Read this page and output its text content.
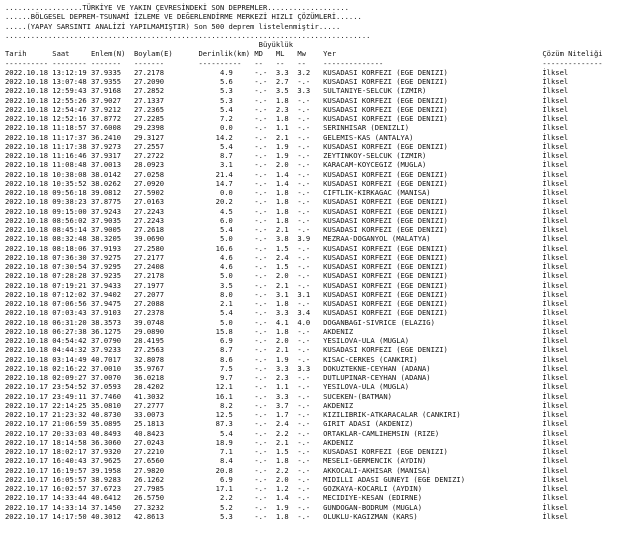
..................TÜRKİYE VE YAKIN ÇEVRESİNDEKİ SON DEPREMLER...................
......BÖLGESEL DEPREM-TSUNAMİ İZLEME VE DEĞERLENDİRME MERKEZİ HIZLI ÇÖZÜMLERİ......
.....(YAPAY SARSINTI ANALİZİ YAPILMAMIŞTIR) Son 500 deprem listelenmiştir.....
.....................................................................................
Büyüklük
Tarih      Saat     Enlem(N)  Boylam(E)      Derinlik(km) MD   ML   Mw    Yer                                                Çözüm Niteliği
---------- -------- -------   -------        ----------   --   --   --    --------------                                     --------------
2022.10.18 13:12:19 37.9335   27.2178             4.9     -.-  3.3  3.2   KUSADASI KORFEZI (EGE DENIZI)                      İlksel
2022.10.18 13:07:48 37.9355   27.2090             5.6     -.-  2.7  -.-   KUSADASI KORFEZI (EGE DENIZI)                      İlksel
2022.10.18 12:59:43 37.9168   27.2852             5.3     -.-  3.5  3.3   SULTANIYE-SELCUK (IZMIR)                           İlksel
2022.10.18 12:55:26 37.9027   27.1337             5.3     -.-  1.8  -.-   KUSADASI KORFEZI (EGE DENIZI)                      İlksel
2022.10.18 12:54:47 37.9212   27.2365             5.4     -.-  2.3  -.-   KUSADASI KORFEZI (EGE DENIZI)                      İlksel
2022.10.18 12:52:16 37.8772   27.2285             7.2     -.-  1.8  -.-   KUSADASI KORFEZI (EGE DENIZI)                      İlksel
2022.10.18 11:18:57 37.6008   29.2398             0.0     -.-  1.1  -.-   SERINHISAR (DENIZLI)                               İlksel
2022.10.18 11:17:37 36.2410   29.3127            14.2     -.-  2.1  -.-   GELEMIS-KAS (ANTALYA)                              İlksel
2022.10.18 11:17:38 37.9273   27.2557             5.4     -.-  1.9  -.-   KUSADASI KORFEZI (EGE DENIZI)                      İlksel
2022.10.18 11:16:46 37.9317   27.2722             8.7     -.-  1.9  -.-   ZEYTINKOY-SELCUK (IZMIR)                           İlksel
2022.10.18 11:08:48 37.0013   28.0923             3.1     -.-  2.0  -.-   KARACAM-KOYCEGIZ (MUGLA)                           İlksel
2022.10.18 10:38:08 38.0142   27.0258            21.4     -.-  1.4  -.-   KUSADASI KORFEZI (EGE DENIZI)                      İlksel
2022.10.18 10:35:52 38.0262   27.0920            14.7     -.-  1.4  -.-   KUSADASI KORFEZI (EGE DENIZI)                      İlksel
2022.10.18 09:56:18 39.0812   27.5902             0.0     -.-  1.8  -.-   CIFTLIK-KIRKAGAC (MANISA)                          İlksel
2022.10.18 09:38:23 37.8775   27.0163            20.2     -.-  1.8  -.-   KUSADASI KORFEZI (EGE DENIZI)                      İlksel
2022.10.18 09:15:00 37.9243   27.2243             4.5     -.-  1.8  -.-   KUSADASI KORFEZI (EGE DENIZI)                      İlksel
2022.10.18 08:56:02 37.9035   27.2243             6.0     -.-  1.8  -.-   KUSADASI KORFEZI (EGE DENIZI)                      İlksel
2022.10.18 08:45:14 37.9005   27.2618             5.4     -.-  2.1  -.-   KUSADASI KORFEZI (EGE DENIZI)                      İlksel
2022.10.18 08:32:48 38.3205   39.0690             5.0     -.-  3.8  3.9   MEZRAA-DOGANYOL (MALATYA)                          İlksel
2022.10.18 08:18:06 37.9193   27.2580            16.6     -.-  1.5  -.-   KUSADASI KORFEZI (EGE DENIZI)                      İlksel
2022.10.18 07:36:30 37.9275   27.2177             4.6     -.-  2.4  -.-   KUSADASI KORFEZI (EGE DENIZI)                      İlksel
2022.10.18 07:30:54 37.9295   27.2408             4.6     -.-  1.5  -.-   KUSADASI KORFEZI (EGE DENIZI)                      İlksel
2022.10.18 07:28:28 37.9235   27.2178             5.0     -.-  2.0  -.-   KUSADASI KORFEZI (EGE DENIZI)                      İlksel
2022.10.18 07:19:21 37.9433   27.1977             3.5     -.-  2.1  -.-   KUSADASI KORFEZI (EGE DENIZI)                      İlksel
2022.10.18 07:12:02 37.9402   27.2077             8.0     -.-  3.1  3.1   KUSADASI KORFEZI (EGE DENIZI)                      İlksel
2022.10.18 07:06:56 37.9475   27.2088             2.1     -.-  1.8  -.-   KUSADASI KORFEZI (EGE DENIZI)                      İlksel
2022.10.18 07:03:43 37.9103   27.2378             5.4     -.-  3.3  3.4   KUSADASI KORFEZI (EGE DENIZI)                      İlksel
2022.10.18 06:31:20 38.3573   39.0748             5.0     -.-  4.1  4.0   DOGANBAGI-SIVRICE (ELAZIG)                         İlksel
2022.10.18 06:27:38 36.1275   29.0890            15.8     -.-  1.8  -.-   AKDENIZ                                            İlksel
2022.10.18 04:54:42 37.0790   28.4195             6.9     -.-  2.0  -.-   YESILOVA-ULA (MUGLA)                               İlksel
2022.10.18 04:44:32 37.9233   27.2563             8.7     -.-  2.1  -.-   KUSADASI KORFEZI (EGE DENIZI)                      İlksel
2022.10.18 03:14:49 40.7017   32.8078             8.6     -.-  1.9  -.-   KISAC-CERKES (CANKIRI)                             İlksel
2022.10.18 02:16:22 37.0010   35.9767             7.5     -.-  3.3  3.3   DOKUZTEKNE-CEYHAN (ADANA)                          İlksel
2022.10.18 02:09:27 37.0070   36.0218             9.7     -.-  2.3  -.-   DUTLUPINAR-CEYHAN (ADANA)                          İlksel
2022.10.17 23:54:52 37.0593   28.4202            12.1     -.-  1.1  -.-   YESILOVA-ULA (MUGLA)                               İlksel
2022.10.17 23:49:11 37.7460   41.3032            16.1     -.-  3.3  -.-   SUCEKEN-(BATMAN)                                   İlksel
2022.10.17 22:14:25 35.0810   27.2777             8.2     -.-  3.7  -.-   AKDENIZ                                            İlksel
2022.10.17 21:23:32 40.8730   33.0073            12.5     -.-  1.7  -.-   KIZILIBRIK-ATKARACALAR (CANKIRI)                   İlksel
2022.10.17 21:06:59 35.0895   25.1813            87.3     -.-  2.4  -.-   GIRIT ADASI (AKDENIZ)                              İlksel
2022.10.17 20:33:03 40.8493   40.8423             5.4     -.-  2.2  -.-   ORTAKLAR-CAMLIHEMSIN (RIZE)                        İlksel
2022.10.17 18:14:58 36.3060   27.0243            18.9     -.-  2.1  -.-   AKDENIZ                                            İlksel
2022.10.17 18:02:17 37.9320   27.2210             7.1     -.-  1.5  -.-   KUSADASI KORFEZI (EGE DENIZI)                      İlksel
2022.10.17 16:40:43 37.9625   27.6560             8.4     -.-  1.8  -.-   MESELI-GERMENCIK (AYDIN)                           İlksel
2022.10.17 16:19:57 39.1958   27.9820            20.8     -.-  2.2  -.-   AKKOCALI-AKHISAR (MANISA)                          İlksel
2022.10.17 16:05:57 38.9283   26.1262             6.9     -.-  2.0  -.-   MIDILLI ADASI GUNEYI (EGE DENIZI)                  İlksel
2022.10.17 16:02:57 37.6723   27.7985            17.1     -.-  1.2  -.-   GOZKAYA-KOCARLI (AYDIN)                            İlksel
2022.10.17 14:33:44 40.6412   26.5750             2.2     -.-  1.4  -.-   MECIDIYE-KESAN (EDIRNE)                            İlksel
2022.10.17 14:33:14 37.1450   27.3232             5.2     -.-  1.9  -.-   GUNDOGAN-BODRUM (MUGLA)                            İlksel
2022.10.17 14:17:50 40.3012   42.8613             5.3     -.-  1.8  -.-   OLUKLU-KAGIZMAN (KARS)                             İlksel
